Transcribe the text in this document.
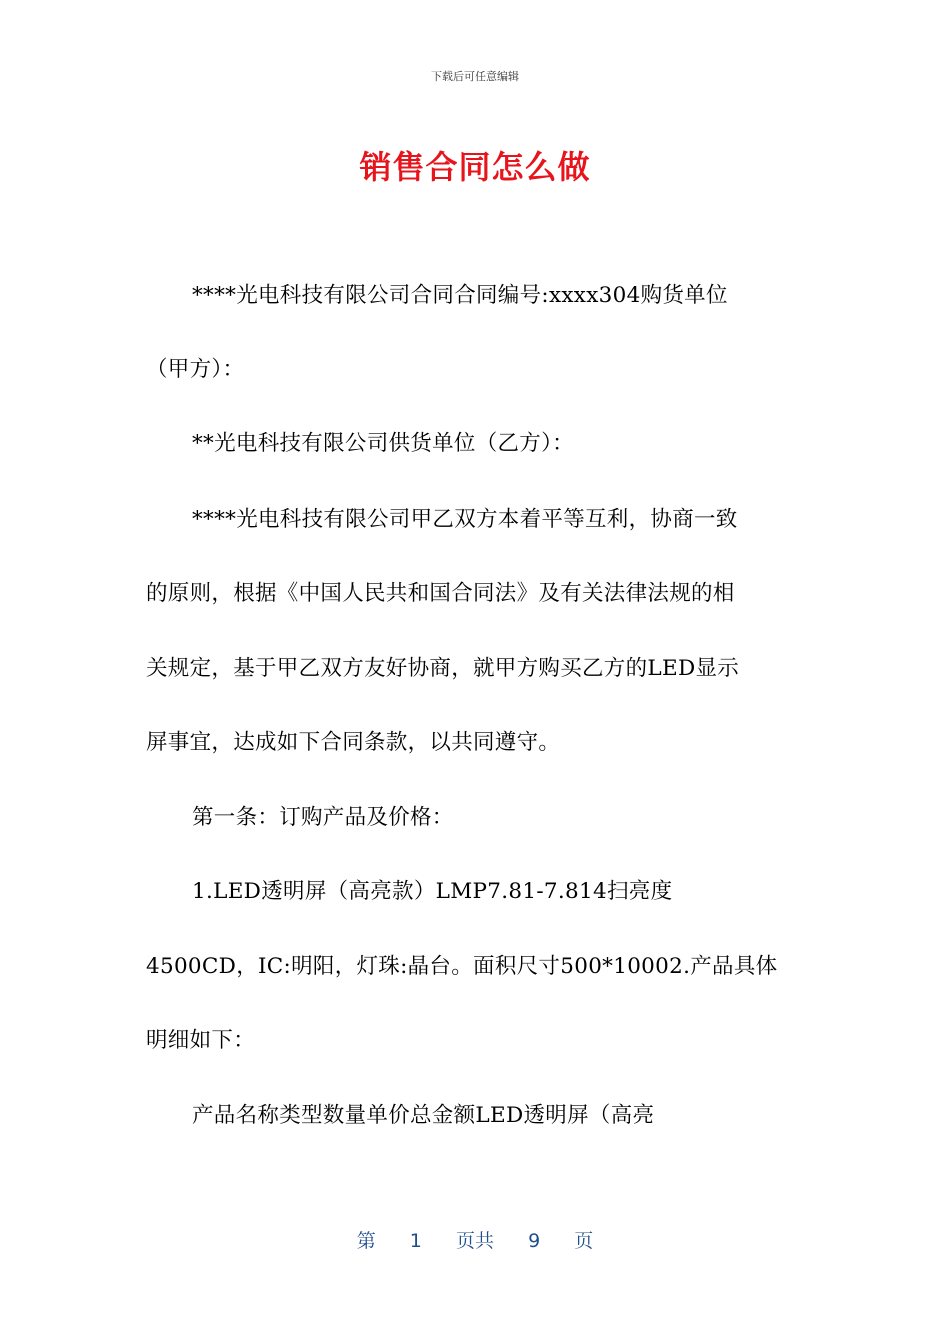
下载后可任意编辑
销售合同怎么做
****光电科技有限公司合同合同编号:xxxx304购货单位
（甲方）：
**光电科技有限公司供货单位（乙方）：
****光电科技有限公司甲乙双方本着平等互利，协商一致
的原则，根据《中国人民共和国合同法》及有关法律法规的相
关规定，基于甲乙双方友好协商，就甲方购买乙方的LED显示
屏事宜，达成如下合同条款，以共同遵守。
第一条：订购产品及价格：
1.LED透明屏（高亮款）LMP7.81-7.814扫亮度
4500CD，IC:明阳，灯珠:晶台。面积尺寸500*10002.产品具体
明细如下：
产品名称类型数量单价总金额LED透明屏（高亮
第 1 页共 9 页
